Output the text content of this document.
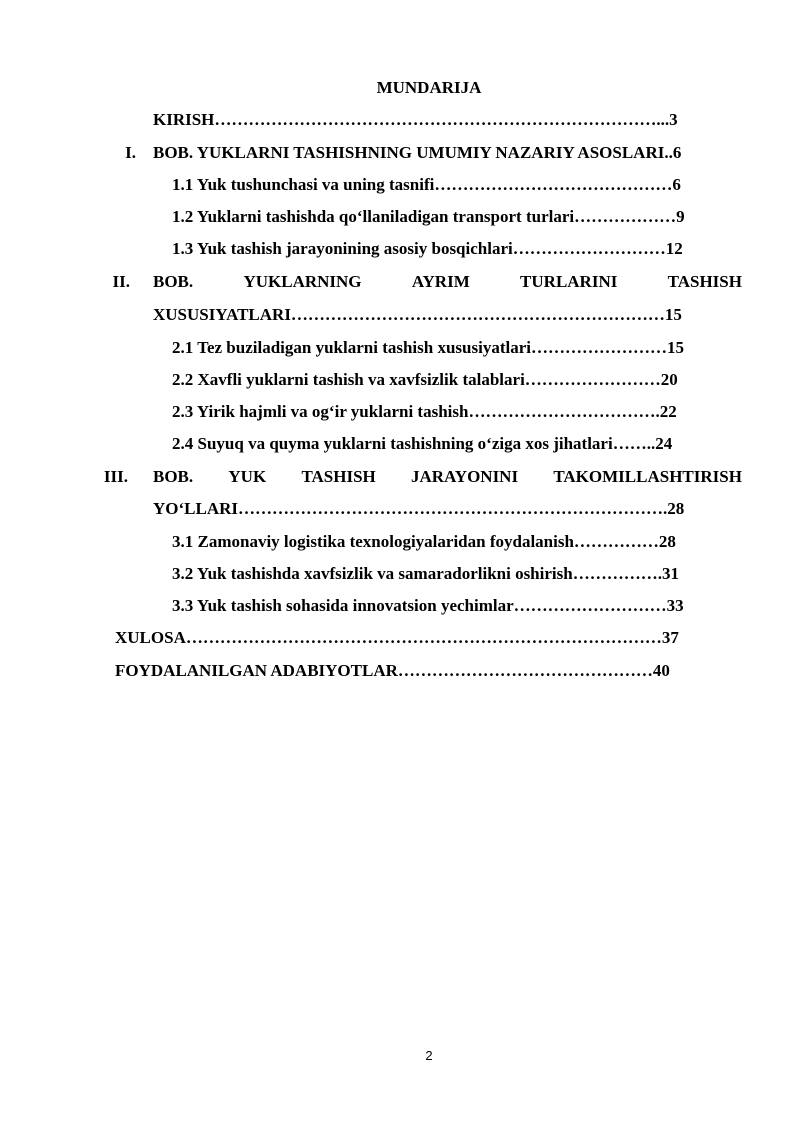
MUNDARIJA
KIRISH……………………………………………………………………...3
I. BOB. YUKLARNI TASHISHNING UMUMIY NAZARIY ASOSLARI..6
1.1 Yuk tushunchasi va uning tasnifi……………………………………6
1.2 Yuklarni tashishda qo‘llaniladigan transport turlari………………9
1.3 Yuk tashish jarayonining asosiy bosqichlari………………………12
II. BOB.	YUKLARNING	AYRIM	TURLARINI	TASHISH
XUSUSIYATLARI…………………………………………………………15
2.1 Tez buziladigan yuklarni tashish xususiyatlari……………………15
2.2 Xavfli yuklarni tashish va xavfsizlik talablari……………………20
2.3 Yirik hajmli va og‘ir yuklarni tashish…………………………….22
2.4 Suyuq va quyma yuklarni tashishning o‘ziga xos jihatlari……..24
III. BOB. YUK TASHISH JARAYONINI TAKOMILLASHTIRISH
YO‘LLARI………………………………………………………………….28
3.1 Zamonaviy logistika texnologiyalaridan foydalanish……………28
3.2 Yuk tashishda xavfsizlik va samaradorlikni oshirish…………….31
3.3 Yuk tashish sohasida innovatsion yechimlar………………………33
XULOSA…………………………………………………………………………37
FOYDALANILGAN ADABIYOTLAR………………………………………40
2
